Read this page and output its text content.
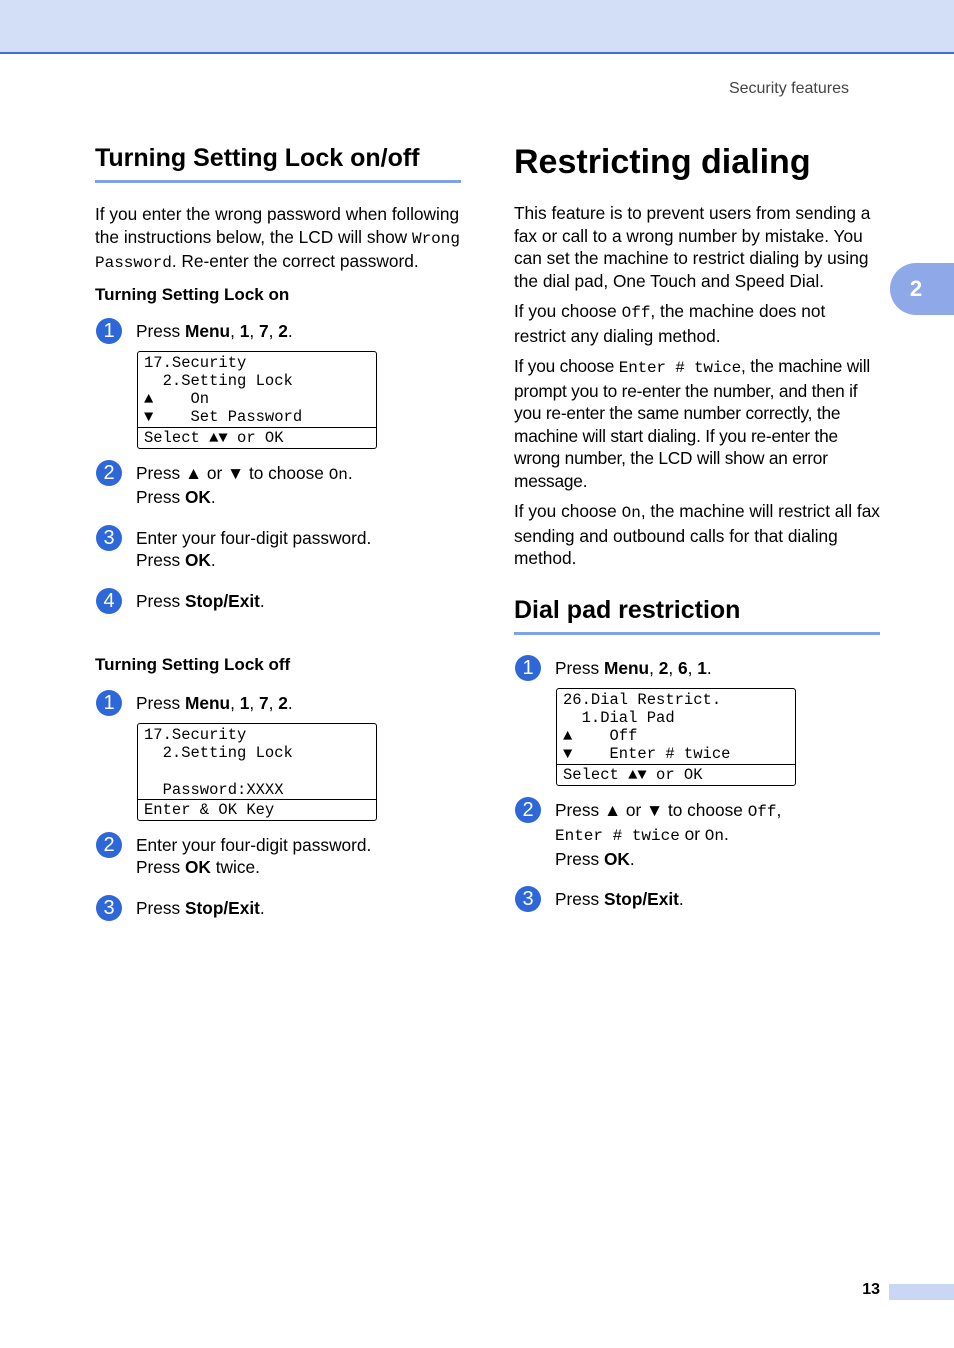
Security features
2
Turning Setting Lock on/off

If you enter the wrong password when following the instructions below, the LCD will show Wrong Password. Re-enter the correct password.

Turning Setting Lock on
1	Press Menu, 1, 7, 2.

17.Security
2.Setting Lock
▲    On
▼    Set Password
Select ▲▼ or OK
2	Press ▲ or ▼ to choose On.

Press OK.

3	Enter your four-digit password.

Press OK.

4	Press Stop/Exit.

Turning Setting Lock off
1	Press Menu, 1, 7, 2.

17.Security
2.Setting Lock
Password:XXXX
Enter & OK Key
2	Enter your four-digit password.

Press OK twice.

3	Press Stop/Exit.

Restricting dialing

This feature is to prevent users from sending a fax or call to a wrong number by mistake. You can set the machine to restrict dialing by using the dial pad, One Touch and Speed Dial.

If you choose Off, the machine does not restrict any dialing method.

If you choose Enter # twice, the machine will prompt you to re-enter the number, and then if you re-enter the same number correctly, the machine will start dialing. If you re-enter the wrong number, the LCD will show an error message.

If you choose On, the machine will restrict all fax sending and outbound calls for that dialing method.

Dial pad restriction
1	Press Menu, 2, 6, 1.

26.Dial Restrict.
1.Dial Pad
▲    Off
▼    Enter # twice
Select ▲▼ or OK
2	Press ▲ or ▼ to choose Off,

Enter # twice or On.

Press OK.

3	Press Stop/Exit.

13
